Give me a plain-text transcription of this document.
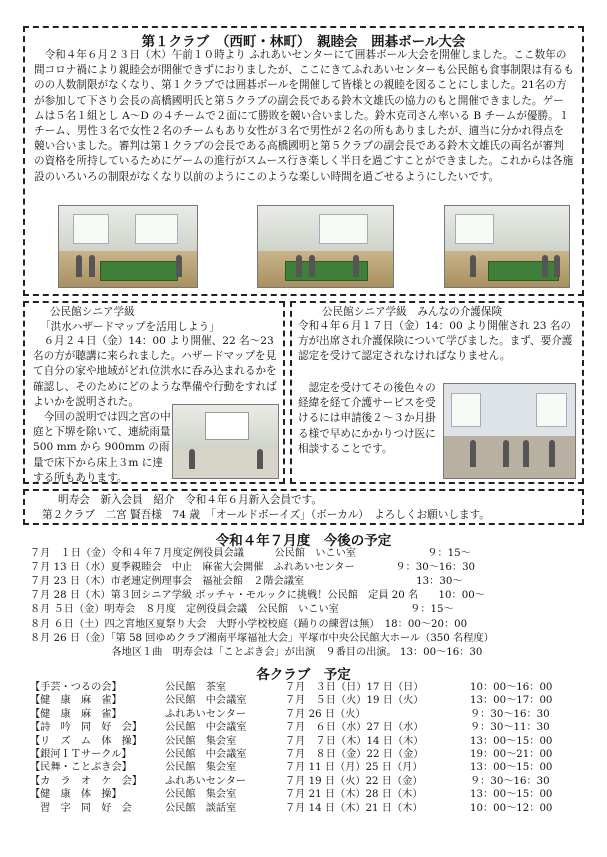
第１クラブ　（西町・林町）　親睦会　囲碁ボール大会

　令和４年６月２３日（木）午前１０時より ふれあいセンターにて囲碁ボール大会を開催しました。ここ数年の間コロナ禍により親睦会が開催できずにおりましたが、ここにきてふれあいセンターも公民館も食事制限は有るものの人数制限がなくなり、第１クラブでは囲碁ボールを開催して皆様との親睦を図ることにしました。21名の方が参加して下さり会長の高橋國明氏と第５クラブの副会長である鈴木文雄氏の協力のもと開催できました。ゲームは５名１組とし A〜D の４チームで２面にて勝敗を競い合いました。鈴木克司さん率いる B チームが優勝。１チーム、男性３名で女性２名のチームもあり女性が３名で男性が２名の所もありましたが、適当に分かれ得点を競い合いました。審判は第１クラブの会長である高橋國明と第５クラブの副会長である鈴木文雄氏の両名が審判の資格を所持しているためにゲームの進行がスムース行き楽しく半日を過ごすことができました。これからは各施設のいろいろの制限がなくなり以前のようにこのような楽しい時間を過ごせるようにしたいです。

公民館シニア学級
「洪水ハザードマップを活用しよう」

６月２４日（金）14：00 より開催、22 名〜23 名の方が聴講に来られました。ハザードマップを見て自分の家や地域がどれ位洪水に呑み込まれるかを確認し、そのためにどのような準備や行動をすればよいかを説明された。
今回の説明では四之宮の中庭と下堺を除いて、連続雨量 500 mm から 900mm の雨量で床下から床上３m に達する所もあります。

公民館シニア学級　みんなの介護保険

令和４年６月１７日（金）14：00 より開催され 23 名の方が出席され介護保険について学びました。まず、要介護認定を受けて認定されなければなりません。

認定を受けてその後色々の経緯を経て介護サービスを受けるには申請後２〜３か月掛る様で早めにかかりつけ医に相談することです。

明寿会　新入会員　紹介　令和４年６月新入会員です。
第２クラブ　二宮 賢吾様　74 歳　「オールドボーイズ」（ボーカル）　よろしくお願いします。
令和４年７月度　今後の予定
７月　１日（金）令和４年７月度定例役員会議　　　公民館　いこい室　　　　　　　９：15〜
７月 13 日（水）夏季親睦会　中止　麻雀大会開催　ふれあいセンター　　　　９：30〜16：30
７月 23 日（木）市老連定例理事会　福祉会館　２階会議室　　　　　　　　　　　13：30〜
７月 28 日（木）第３回シニア学級 ボッチャ・モルックに挑戦！公民館　定員 20 名　　10：00〜
８月 ５日（金）明寿会　８月度　定例役員会議　公民館　いこい室　　　　　　　９：15〜
８月 ６日（土）四之宮地区夏祭り大会　大野小学校校庭（踊りの練習は無）　18：00〜20：00
８月 26 日（金）「第 58 回ゆめクラブ湘南平塚福祉大会」平塚市中央公民館大ホール（350 名程度）
　　　　　　　　各地区１曲　明寿会は「ことぶき会」が出演　９番目の出演。 13：00〜16：30
各クラブ　予定
【手芸・つるの会】	公民館　茶室	７月　３日（日）17 日（日）	10：00〜16：00
【健　康　麻　雀】	公民館　中会議室	７月　５日（火）19 日（火）	13：00〜17：00
【健　康　麻　雀】	ふれあいセンター	７月 26 日（火）	９：30〜16：30
【詩　吟　同　好　会】 公民館　中会議室	７月　６日（水）27 日（水）	９：30〜11：30
【リ　ズ　ム　体　操】 公民館　集会室	７月　７日（木）14 日（木）	13：00〜15：00
【銀河ＩＴサークル】	公民館　中会議室	７月　８日（金）22 日（金）	19：00〜21：00
【民舞・ことぶき会】	公民館　集会室	７月 11 日（月）25 日（月）	13：00〜15：00
【カ　ラ　オ　ケ　会】 ふれあいセンター	７月 19 日（火）22 日（金）	９：30〜16：30
【健　康　体　操】	公民館　集会室	７月 21 日（木）28 日（木）	13：00〜15：00
　習　字　同　好　会	公民館　談話室	７月 14 日（木）21 日（木）	10：00〜12：00
